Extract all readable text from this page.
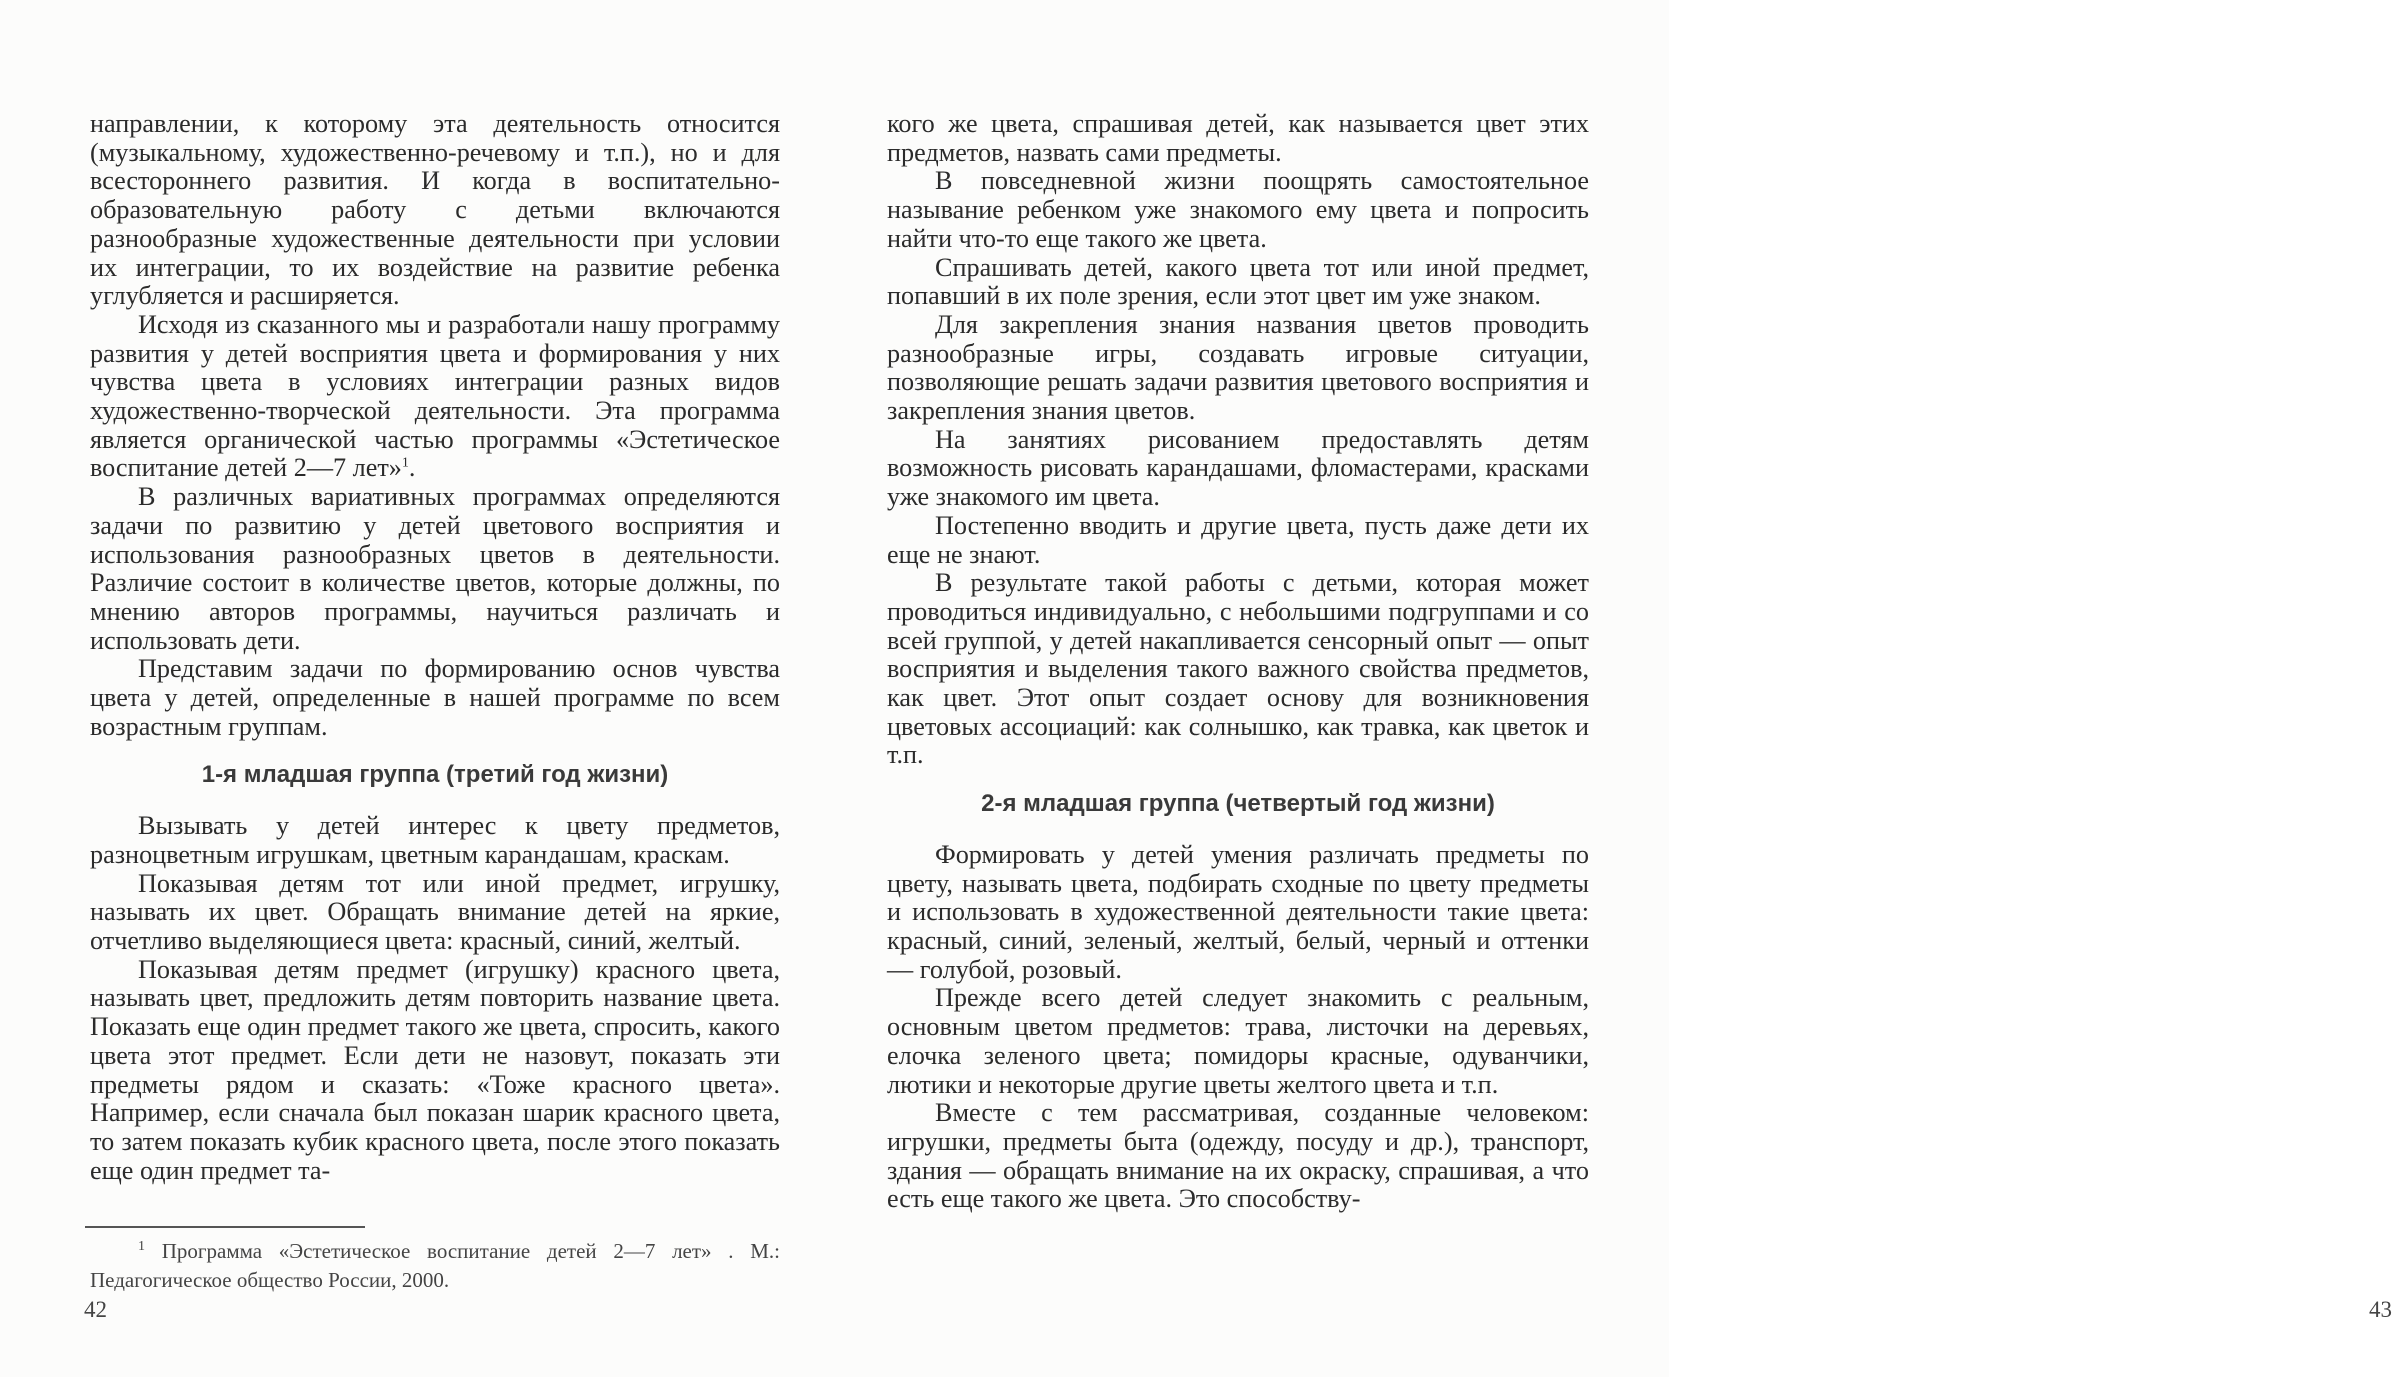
направлении, к которому эта деятельность относится (музыкальному, художественно-речевому и т.п.), но и для всестороннего развития. И когда в воспитательно-образовательную работу с детьми включаются разнообразные художественные деятельности при условии их интеграции, то их воздействие на развитие ребенка углубляется и расширяется.

Исходя из сказанного мы и разработали нашу программу развития у детей восприятия цвета и формирования у них чувства цвета в условиях интеграции разных видов художественно-творческой деятельности. Эта программа является органической частью программы «Эстетическое воспитание детей 2—7 лет»$^1$.

В различных вариативных программах определяются задачи по развитию у детей цветового восприятия и использования разнообразных цветов в деятельности. Различие состоит в количестве цветов, которые должны, по мнению авторов программы, научиться различать и использовать дети.

Представим задачи по формированию основ чувства цвета у детей, определенные в нашей программе по всем возрастным группам.

1-я младшая группа (третий год жизни)

Вызывать у детей интерес к цвету предметов, разноцветным игрушкам, цветным карандашам, краскам.

Показывая детям тот или иной предмет, игрушку, называть их цвет. Обращать внимание детей на яркие, отчетливо выделяющиеся цвета: красный, синий, желтый.

Показывая детям предмет (игрушку) красного цвета, называть цвет, предложить детям повторить название цвета. Показать еще один предмет такого же цвета, спросить, какого цвета этот предмет. Если дети не назовут, показать эти предметы рядом и сказать: «Тоже красного цвета». Например, если сначала был показан шарик красного цвета, то затем показать кубик красного цвета, после этого показать еще один предмет та-

$^1$ Программа «Эстетическое воспитание детей 2—7 лет» . М.: Педагогическое общество России, 2000.
42

кого же цвета, спрашивая детей, как называется цвет этих предметов, назвать сами предметы.

В повседневной жизни поощрять самостоятельное называние ребенком уже знакомого ему цвета и попросить найти что-то еще такого же цвета.

Спрашивать детей, какого цвета тот или иной предмет, попавший в их поле зрения, если этот цвет им уже знаком.

Для закрепления знания названия цветов проводить разнообразные игры, создавать игровые ситуации, позволяющие решать задачи развития цветового восприятия и закрепления знания цветов.

На занятиях рисованием предоставлять детям возможность рисовать карандашами, фломастерами, красками уже знакомого им цвета.

Постепенно вводить и другие цвета, пусть даже дети их еще не знают.

В результате такой работы с детьми, которая может проводиться индивидуально, с небольшими подгруппами и со всей группой, у детей накапливается сенсорный опыт — опыт восприятия и выделения такого важного свойства предметов, как цвет. Этот опыт создает основу для возникновения цветовых ассоциаций: как солнышко, как травка, как цветок и т.п.

2-я младшая группа (четвертый год жизни)

Формировать у детей умения различать предметы по цвету, называть цвета, подбирать сходные по цвету предметы и использовать в художественной деятельности такие цвета: красный, синий, зеленый, желтый, белый, черный и оттенки — голубой, розовый.

Прежде всего детей следует знакомить с реальным, основным цветом предметов: трава, листочки на деревьях, елочка зеленого цвета; помидоры красные, одуванчики, лютики и некоторые другие цветы желтого цвета и т.п.

Вместе с тем рассматривая, созданные человеком: игрушки, предметы быта (одежду, посуду и др.), транспорт, здания — обращать внимание на их окраску, спрашивая, а что есть еще такого же цвета. Это способству-

43
